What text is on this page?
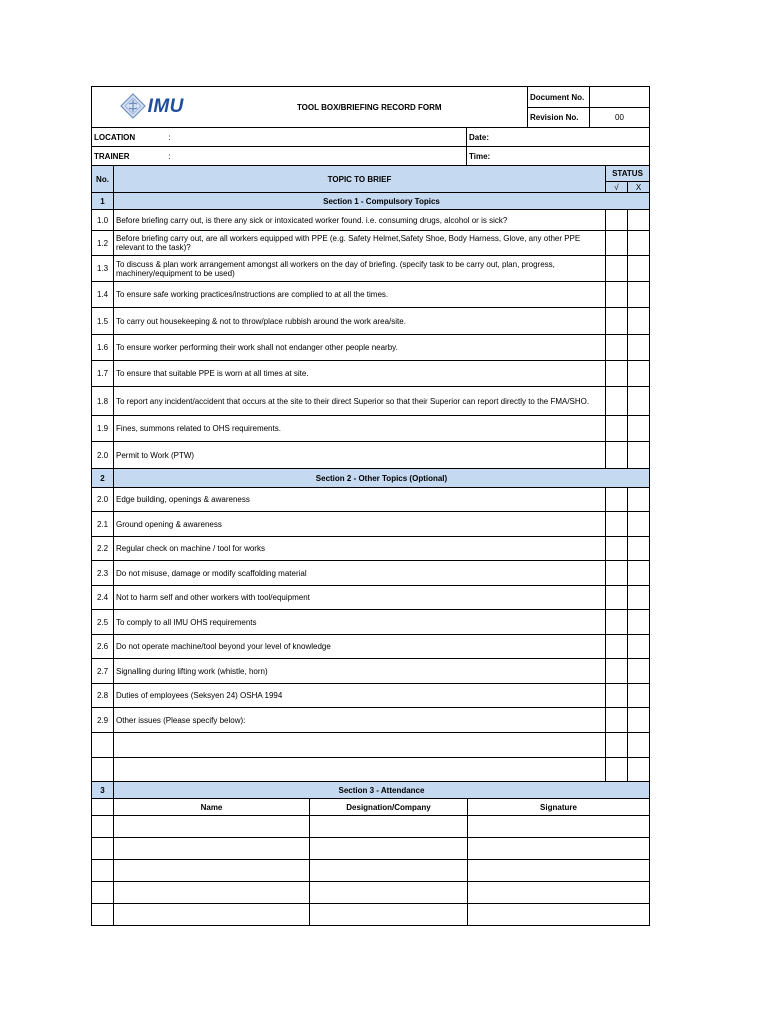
IMU	TOOL BOX/BRIEFING RECORD FORM	Document No.	
		Revision No.	00
LOCATION	:	Date:
TRAINER	:	Time:
No.	TOPIC TO BRIEF	STATUS	
		√	X
1	Section 1 - Compulsory Topics		
1.0	Before briefing carry out, is there any sick or intoxicated worker found. i.e. consuming drugs, alcohol or is sick?		
1.2	Before briefing carry out, are all workers equipped with PPE (e.g. Safety Helmet,Safety Shoe, Body Harness, Glove, any other PPE relevant to the task)?		
1.3	To discuss & plan work arrangement amongst all workers on the day of briefing. (specify task to be carry out, plan, progress, machinery/equipment to be used)		
1.4	To ensure safe working practices/instructions are complied to at all the times.		
1.5	To carry out housekeeping & not to throw/place rubbish around the work area/site.		
1.6	To ensure worker performing their work shall not endanger other people nearby.		
1.7	To ensure that suitable PPE is worn at all times at site.		
1.8	To report any incident/accident that occurs at the site to their direct Superior so that their Superior can report directly to the FMA/SHO.		
1.9	Fines, summons related to OHS requirements.		
2.0	Permit to Work (PTW)		
2	Section 2 - Other Topics (Optional)		
2.0	Edge building, openings & awareness		
2.1	Ground opening & awareness		
2.2	Regular check on machine / tool for works		
2.3	Do not misuse, damage or modify scaffolding material		
2.4	Not to harm self and other workers with tool/equipment		
2.5	To comply to all IMU OHS requirements		
2.6	Do not operate machine/tool beyond your level of knowledge		
2.7	Signalling during lifting work (whistle, horn)		
2.8	Duties of employees (Seksyen 24) OSHA 1994		
2.9	Other issues (Please specify below):		

3	Section 3 - Attendance		
	Name	Designation/Company	Signature
